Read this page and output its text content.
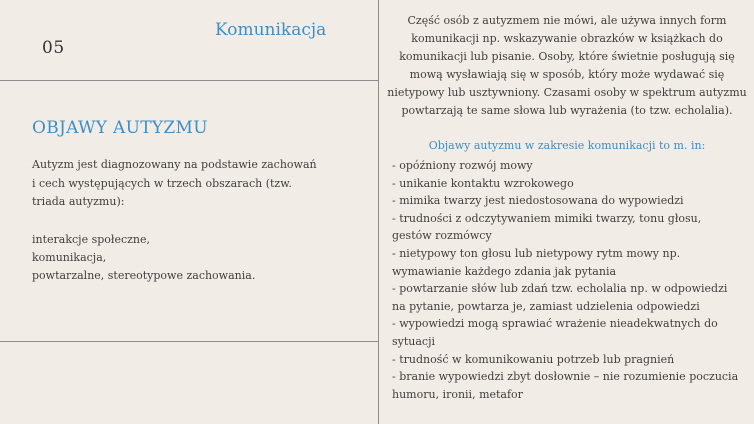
05
Komunikacja
OBJAWY AUTYZMU

Autyzm jest diagnozowany na podstawie zachowań i cech występujących w trzech obszarach (tzw. triada autyzmu):

interakcje społeczne,
komunikacja,
powtarzalne, stereotypowe zachowania.

Część osób z autyzmem nie mówi, ale używa innych form komunikacji np. wskazywanie obrazków w książkach do komunikacji lub pisanie. Osoby, które świetnie posługują się mową wysławiają się w sposób, który może wydawać się nietypowy lub usztywniony. Czasami osoby w spektrum autyzmu powtarzają te same słowa lub wyrażenia (to tzw. echolalia).

Objawy autyzmu w zakresie komunikacji to m. in:
- opóźniony rozwój mowy
- unikanie kontaktu wzrokowego
- mimika twarzy jest niedostosowana do wypowiedzi
- trudności z odczytywaniem mimiki twarzy, tonu głosu, gestów rozmówcy
- nietypowy ton głosu lub nietypowy rytm mowy np. wymawianie każdego zdania jak pytania
- powtarzanie słów lub zdań tzw. echolalia np. w odpowiedzi na pytanie, powtarza je, zamiast udzielenia odpowiedzi
- wypowiedzi mogą sprawiać wrażenie nieadekwatnych do sytuacji
- trudność w komunikowaniu potrzeb lub pragnień
- branie wypowiedzi zbyt dosłownie – nie rozumienie poczucia humoru, ironii, metafor
